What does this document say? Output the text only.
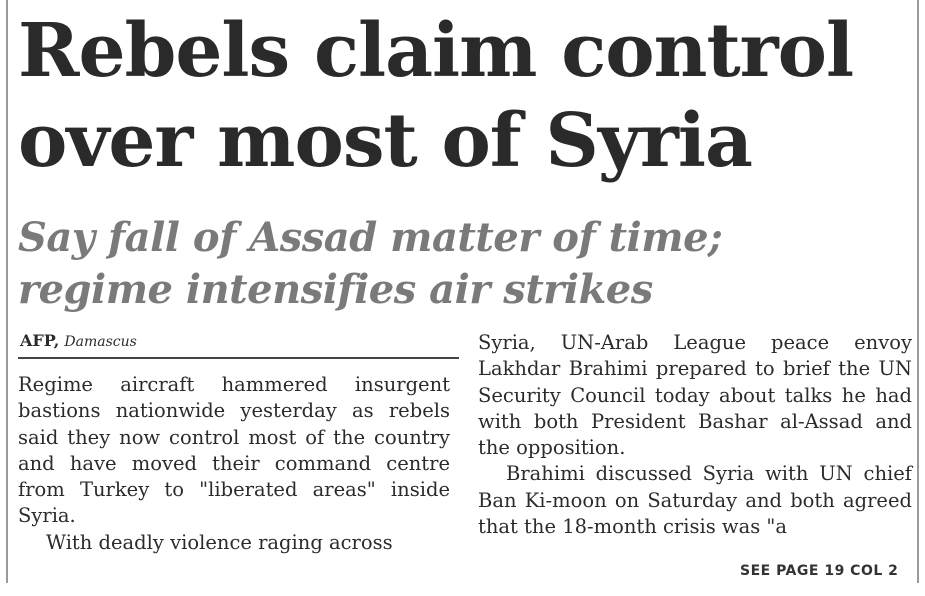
Rebels claim control
over most of Syria
Say fall of Assad matter of time;
regime intensifies air strikes
AFP, Damascus

Regime aircraft hammered insurgent bastions nationwide yesterday as rebels said they now control most of the country and have moved their command centre from Turkey to "liberated areas" inside Syria.

With deadly violence raging across

Syria, UN-Arab League peace envoy Lakhdar Brahimi prepared to brief the UN Security Council today about talks he had with both President Bashar al-Assad and the opposition.

Brahimi discussed Syria with UN chief Ban Ki-moon on Saturday and both agreed that the 18-month crisis was "a

SEE PAGE 19 COL 2
